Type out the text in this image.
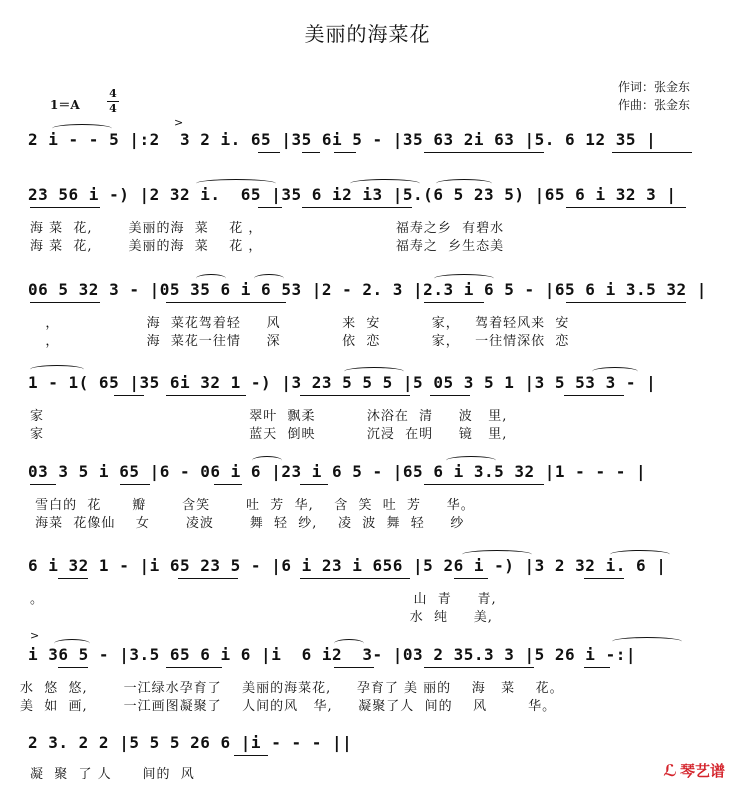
美丽的海菜花
作词：张金东
作曲：张金东
1＝A
4
4
2 i - - 5 |:2  3 2 i. 65 |35 6i 5 - |35 63 2i 63 |5. 6 12 35 |
>
23 56 i -) |2 32 i.  65 |35 6 i2 i3 |5.(6 5 23 5) |65 6 i 32 3 |
海 菜  花,       美丽的海  菜    花 ，                          福寿之乡  有碧水
海 菜  花,       美丽的海  菜    花 ，                          福寿之  乡生态美
06 5 32 3 - |05 35 6 i 6 53 |2 - 2. 3 |2.3 i 6 5 - |65 6 i 3.5 32 |
，                 海  菜花驾着轻     风            来  安          家，   驾着轻风来  安
，                 海  菜花一往情     深            依  恋          家，   一往情深依  恋
1 - 1( 65 |35 6i 32 1 -) |3 23 5 5 5 |5 05 3 5 1 |3 5 53 3 - |
家                                        翠叶  飘柔          沐浴在  清     波   里,
家                                        蓝天  倒映          沉浸  在明     镜   里,
03 3 5 i 65 |6 - 06 i 6 |23 i 6 5 - |65 6 i 3.5 32 |1 - - - |
雪白的  花      瓣       含笑       吐  芳  华,    含  笑  吐  芳     华。
海菜  花像仙    女       凌波       舞  轻  纱,    凌  波  舞  轻     纱
6 i 32 1 - |i 65 23 5 - |6 i 23 i 656 |5 26 i -) |3 2 32 i. 6 |
。                                                                        山  青     青,
水  纯     美,
i 36 5 - |3.5 65 6 i 6 |i  6 i2  3- |03 2 35.3 3 |5 26 i -:|
>
水  悠  悠,       一江绿水孕育了    美丽的海菜花,     孕育了 美 丽的    海   菜    花。
美  如  画,       一江画图凝聚了    人间的风   华,     凝聚了人  间的    风        华。
2 3. 2 2 |5 5 5 26 6 |i - - - ||
凝  聚  了 人      间的  风	ℒ 琴艺谱
